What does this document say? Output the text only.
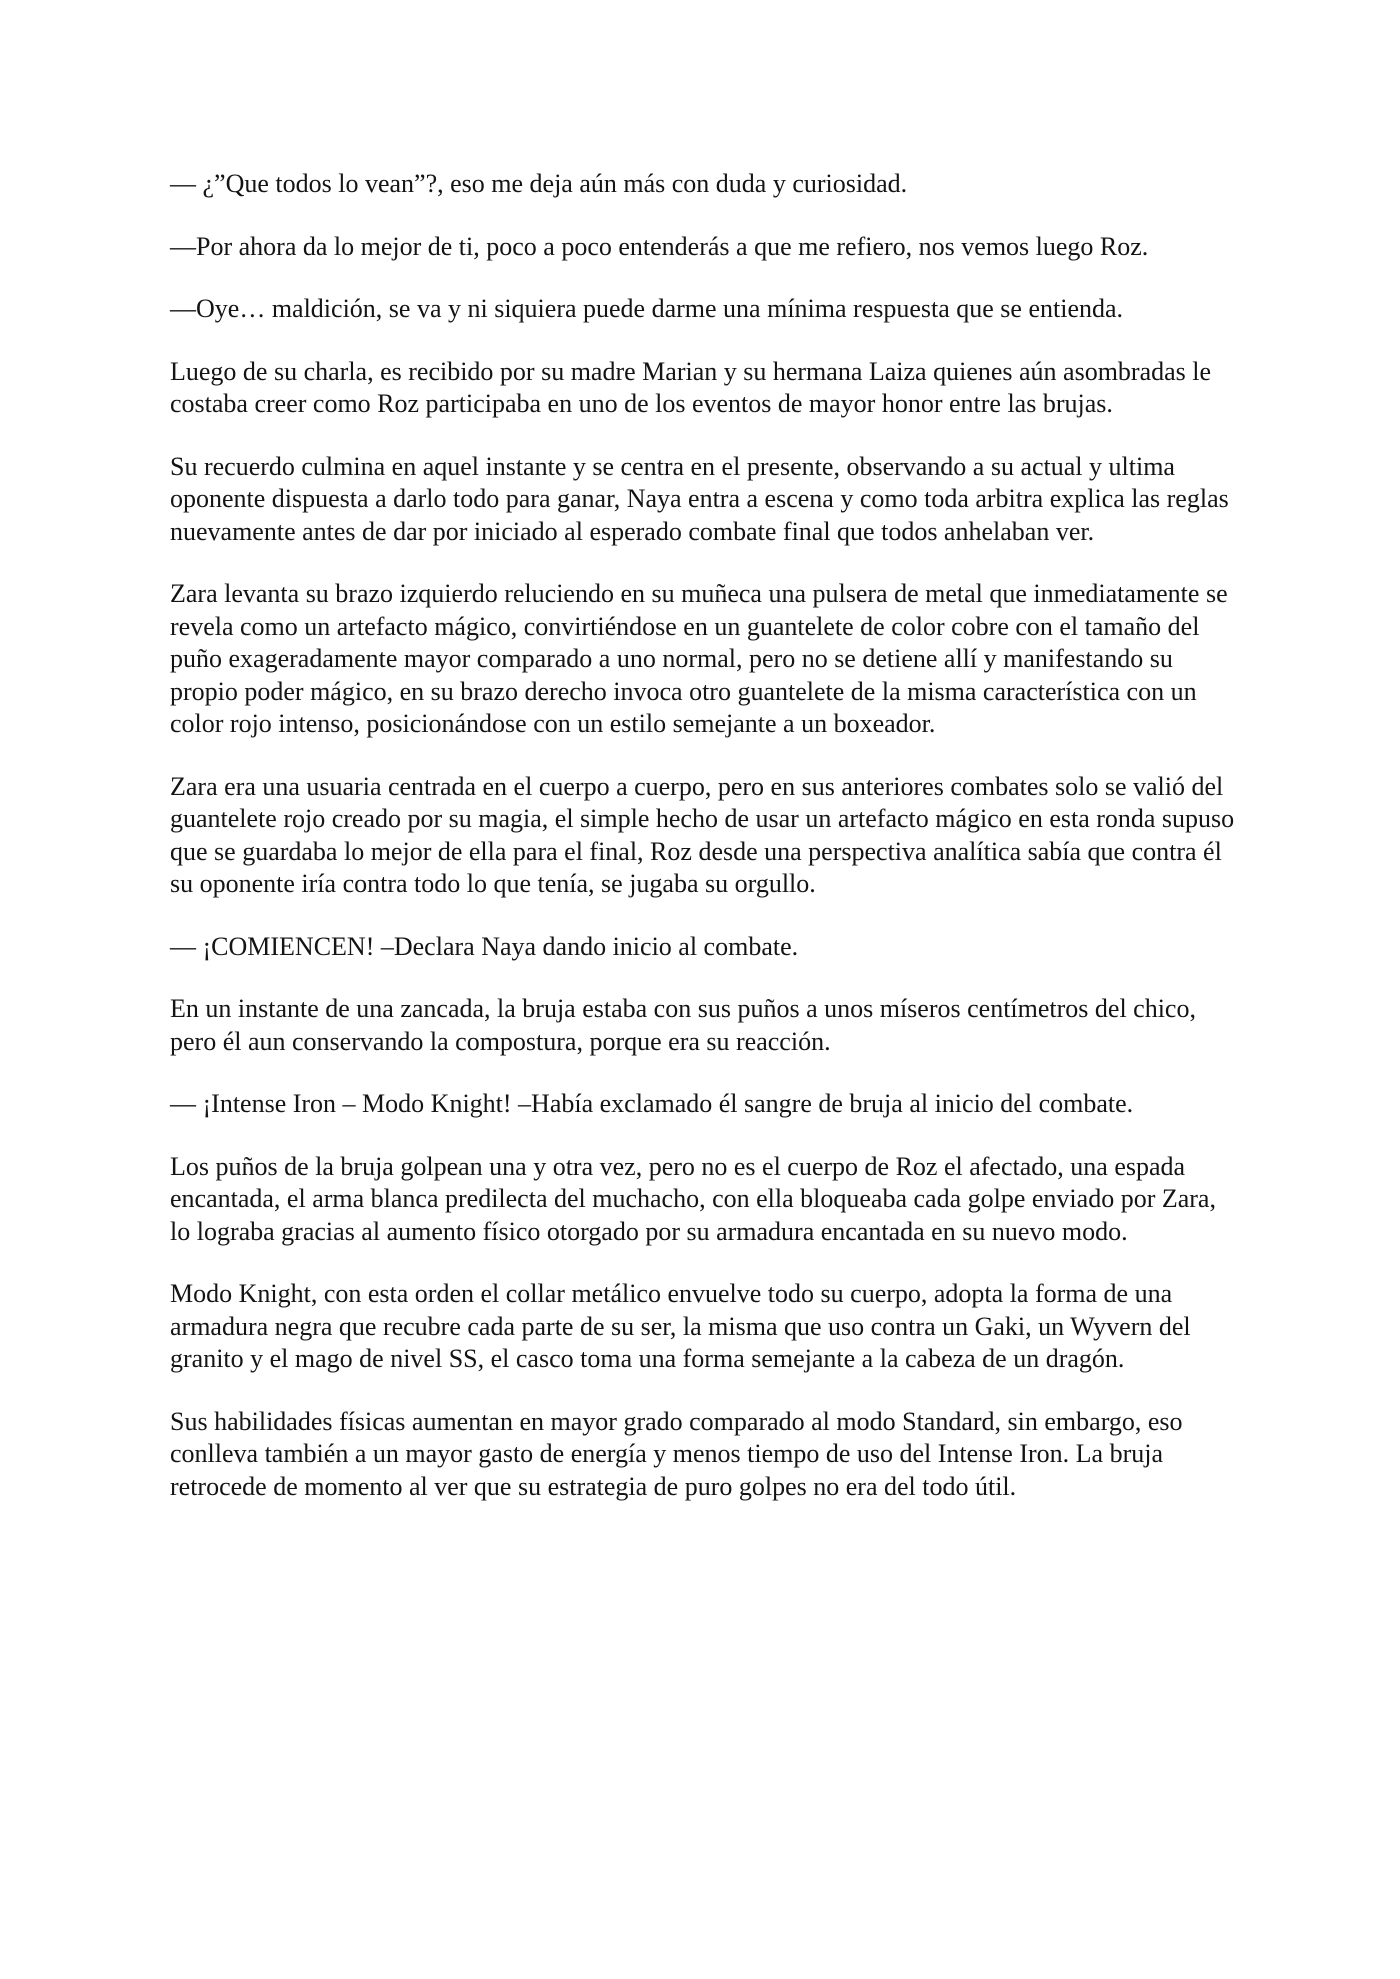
— ¿”Que todos lo vean”?, eso me deja aún más con duda y curiosidad.

—Por ahora da lo mejor de ti, poco a poco entenderás a que me refiero, nos vemos luego Roz.

—Oye… maldición, se va y ni siquiera puede darme una mínima respuesta que se entienda.

Luego de su charla, es recibido por su madre Marian y su hermana Laiza quienes aún asombradas le costaba creer como Roz participaba en uno de los eventos de mayor honor entre las brujas.

Su recuerdo culmina en aquel instante y se centra en el presente, observando a su actual y ultima oponente dispuesta a darlo todo para ganar, Naya entra a escena y como toda arbitra explica las reglas nuevamente antes de dar por iniciado al esperado combate final que todos anhelaban ver.

Zara levanta su brazo izquierdo reluciendo en su muñeca una pulsera de metal que inmediatamente se revela como un artefacto mágico, convirtiéndose en un guantelete de color cobre con el tamaño del puño exageradamente mayor comparado a uno normal, pero no se detiene allí y manifestando su propio poder mágico, en su brazo derecho invoca otro guantelete de la misma característica con un color rojo intenso, posicionándose con un estilo semejante a un boxeador.

Zara era una usuaria centrada en el cuerpo a cuerpo, pero en sus anteriores combates solo se valió del guantelete rojo creado por su magia, el simple hecho de usar un artefacto mágico en esta ronda supuso que se guardaba lo mejor de ella para el final, Roz desde una perspectiva analítica sabía que contra él su oponente iría contra todo lo que tenía, se jugaba su orgullo.

— ¡COMIENCEN! –Declara Naya dando inicio al combate.

En un instante de una zancada, la bruja estaba con sus puños a unos míseros centímetros del chico, pero él aun conservando la compostura, porque era su reacción.

— ¡Intense Iron – Modo Knight! –Había exclamado él sangre de bruja al inicio del combate.

Los puños de la bruja golpean una y otra vez, pero no es el cuerpo de Roz el afectado, una espada encantada, el arma blanca predilecta del muchacho, con ella bloqueaba cada golpe enviado por Zara, lo lograba gracias al aumento físico otorgado por su armadura encantada en su nuevo modo.

Modo Knight, con esta orden el collar metálico envuelve todo su cuerpo, adopta la forma de una armadura negra que recubre cada parte de su ser, la misma que uso contra un Gaki, un Wyvern del granito y el mago de nivel SS, el casco toma una forma semejante a la cabeza de un dragón.

Sus habilidades físicas aumentan en mayor grado comparado al modo Standard, sin embargo, eso conlleva también a un mayor gasto de energía y menos tiempo de uso del Intense Iron. La bruja retrocede de momento al ver que su estrategia de puro golpes no era del todo útil.
